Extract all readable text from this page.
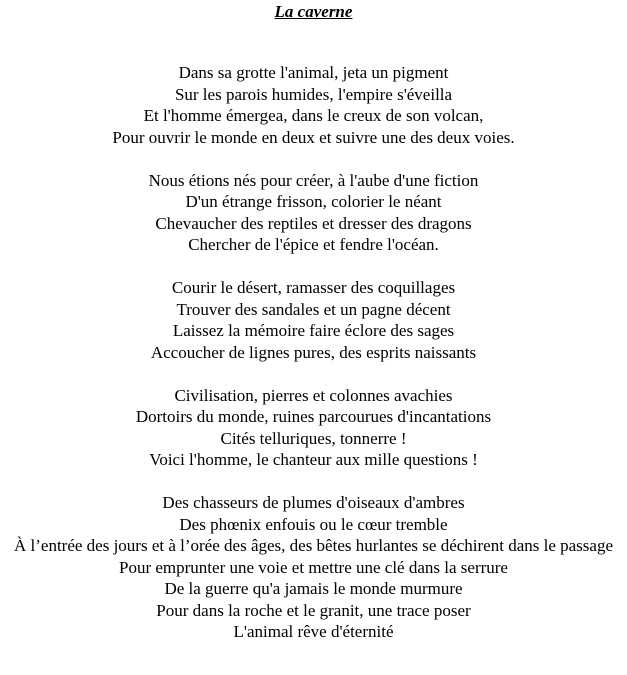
La caverne
Dans sa grotte l'animal, jeta un pigment
Sur les parois humides, l'empire s'éveilla
Et l'homme émergea, dans le creux de son volcan,
Pour ouvrir le monde en deux et suivre une des deux voies.
Nous étions nés pour créer, à l'aube d'une fiction
D'un étrange frisson, colorier le néant
Chevaucher des reptiles et dresser des dragons
Chercher de l'épice et fendre l'océan.
Courir le désert, ramasser des coquillages
Trouver des sandales et un pagne décent
Laissez la mémoire faire éclore des sages
Accoucher de lignes pures, des esprits naissants
Civilisation, pierres et colonnes avachies
Dortoirs du monde, ruines parcourues d'incantations
Cités telluriques, tonnerre !
Voici l'homme, le chanteur aux mille questions !
Des chasseurs de plumes d'oiseaux d'ambres
Des phœnix enfouis ou le cœur tremble
À l’entrée des jours et à l’orée des âges, des bêtes hurlantes se déchirent dans le passage
Pour emprunter une voie et mettre une clé dans la serrure
De la guerre qu'a jamais le monde murmure
Pour dans la roche et le granit, une trace poser
L'animal rêve d'éternité
